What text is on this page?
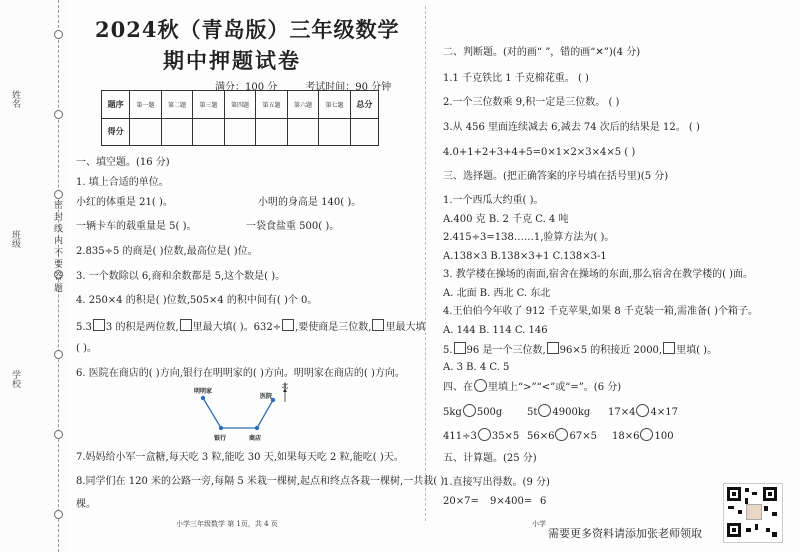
密 封 线 内 不 要 答 题
姓名
班级
学校
2024秋（青岛版）三年级数学
期中押题试卷
满分：100 分	考试时间：90 分钟
题序	第一题	第二题	第三题	第四题	第五题	第六题	第七题	总分
得分								
一、填空题。(16 分)
1. 填上合适的单位。
小红的体重是 21( )。	小明的身高是 140( )。
一辆卡车的载重量是 5( )。	一袋食盐重 500( )。
2.835÷5 的商是( )位数,最高位是( )位。
3. 一个数除以 6,商和余数都是 5,这个数是( )。
4. 250×4 的积是( )位数,505×4 的积中间有( )个 0。
5.3 3 的积是两位数, 里最大填( )。632÷ ,要使商是三位数, 里最大填
( )。
6. 医院在商店的( )方向,银行在明明家的( )方向。明明家在商店的( )方向。
明明家
医院
银行	商店
北
7.妈妈给小军一盒糖,每天吃 3 粒,能吃 30 天,如果每天吃 2 粒,能吃( )天。
8.同学们在 120 米的公路一旁,每隔 5 米栽一棵树,起点和终点各栽一棵树,一共栽( )
棵。
小学三年级数学 第 1页，共 4 页
二、判断题。(对的画“ ”，错的画“✕”)(4 分)
1.1 千克铁比 1 千克棉花重。 ( )
2.一个三位数乘 9,积一定是三位数。 ( )
3.从 456 里面连续减去 6,减去 74 次后的结果是 12。 ( )
4.0+1+2+3+4+5=0×1×2×3×4×5 ( )
三、选择题。(把正确答案的序号填在括号里)(5 分)
1.一个西瓜大约重( )。
A.400 克 B. 2 千克 C. 4 吨
2.415÷3=138……1,验算方法为( )。
A.138×3 B.138×3+1 C.138×3-1
3. 教学楼在操场的南面,宿舍在操场的东面,那么宿舍在教学楼的( )面。
A. 北面 B. 西北 C. 东北
4.王伯伯今年收了 912 千克苹果,如果 8 千克装一箱,需准备( )个箱子。
A. 144 B. 114 C. 146
5. 96 是一个三位数, 96×5 的积接近 2000, 里填( )。
A. 3 B. 4 C. 5
四、在 里填上“>”“<”或“=”。(6 分)
5kg 500g 5t 4900kg 17×4 4×17
411÷3 35×5 56×6 67×5 18×6 100
五、计算题。(25 分)
1.直接写出得数。(9 分)
20×7= 9×400= 6
小学
需要更多资料请添加张老师领取
